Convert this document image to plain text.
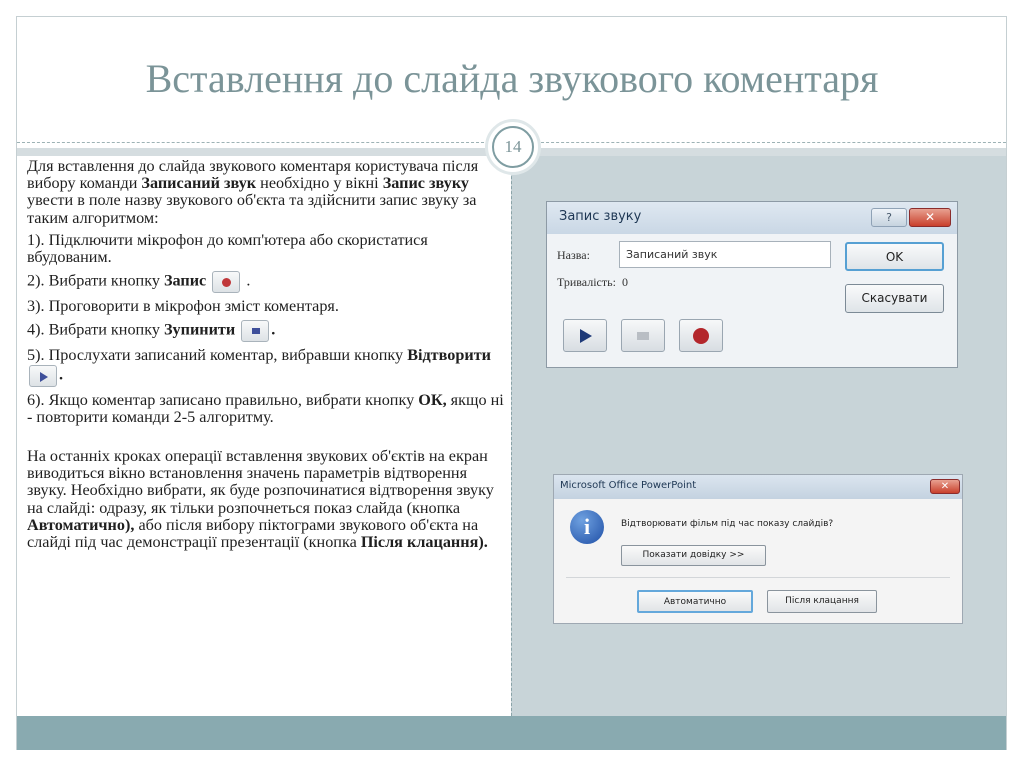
Вставлення до слайда звукового коментаря
14

Для вставлення до слайда звукового коментаря користувача після вибору команди Записаний звук необхідно у вікні Запис звуку увести в поле назву звукового об'єкта та здійснити запис звуку за таким алгоритмом:

1). Підключити мікрофон до комп'ютера або скористатися вбудованим.

2). Вибрати кнопку Запис .

3). Проговорити в мікрофон зміст коментаря.

4). Вибрати кнопку Зупинити .

5). Прослухати записаний коментар, вибравши кнопку Відтворити
.

6). Якщо коментар записано правильно, вибрати кнопку ОК, якщо ні - повторити команди 2-5 алгоритму.

На останніх кроках операції вставлення звукових об'єктів на екран виводиться вікно встановлення значень параметрів відтворення звуку. Необхідно вибрати, як буде розпочинатися відтворення звуку на слайді: одразу, як тільки розпочнеться показ слайда (кнопка Автоматично), або після вибору піктограми звукового об'єкта на слайді під час демонстрації презентації (кнопка Після клацання).

Запис звуку	?	✕
Назва:	Записаний звук
Тривалість: 0
OK
Скасувати
Microsoft Office PowerPoint	✕
i	Відтворювати фільм під час показу слайдів?
Показати довідку >>
Автоматично	Після клацання
